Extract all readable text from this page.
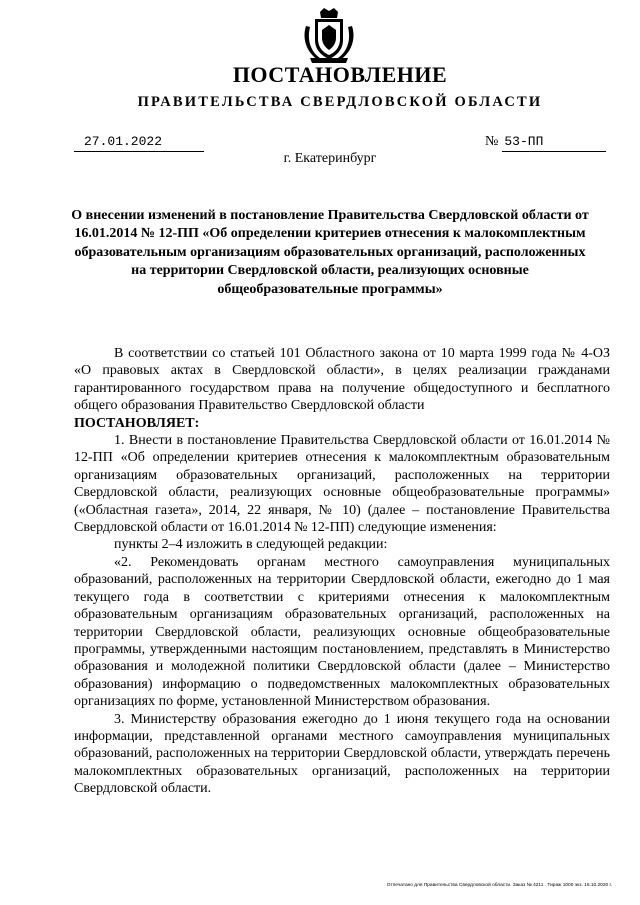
ПОСТАНОВЛЕНИЕ
ПРАВИТЕЛЬСТВА СВЕРДЛОВСКОЙ ОБЛАСТИ
27.01.2022	№ 53-ПП
г. Екатеринбург
О внесении изменений в постановление Правительства Свердловской области от 16.01.2014 № 12-ПП «Об определении критериев отнесения к малокомплектным образовательным организациям образовательных организаций, расположенных на территории Свердловской области, реализующих основные общеобразовательные программы»

В соответствии со статьей 101 Областного закона от 10 марта 1999 года № 4-ОЗ «О правовых актах в Свердловской области», в целях реализации гражданами гарантированного государством права на получение общедоступного и бесплатного общего образования Правительство Свердловской области

ПОСТАНОВЛЯЕТ:

1. Внести в постановление Правительства Свердловской области от 16.01.2014 № 12-ПП «Об определении критериев отнесения к малокомплектным образовательным организациям образовательных организаций, расположенных на территории Свердловской области, реализующих основные общеобразовательные программы» («Областная газета», 2014, 22 января, № 10) (далее – постановление Правительства Свердловской области от 16.01.2014 № 12-ПП) следующие изменения:

пункты 2–4 изложить в следующей редакции:

«2. Рекомендовать органам местного самоуправления муниципальных образований, расположенных на территории Свердловской области, ежегодно до 1 мая текущего года в соответствии с критериями отнесения к малокомплектным образовательным организациям образовательных организаций, расположенных на территории Свердловской области, реализующих основные общеобразовательные программы, утвержденными настоящим постановлением, представлять в Министерство образования и молодежной политики Свердловской области (далее – Министерство образования) информацию о подведомственных малокомплектных образовательных организациях по форме, установленной Министерством образования.

3. Министерству образования ежегодно до 1 июня текущего года на основании информации, представленной органами местного самоуправления муниципальных образований, расположенных на территории Свердловской области, утверждать перечень малокомплектных образовательных организаций, расположенных на территории Свердловской области.

Отпечатано для Правительства Свердловской области. Заказ № 4211 . Тираж 1000 экз. 16.10.2020 г.
